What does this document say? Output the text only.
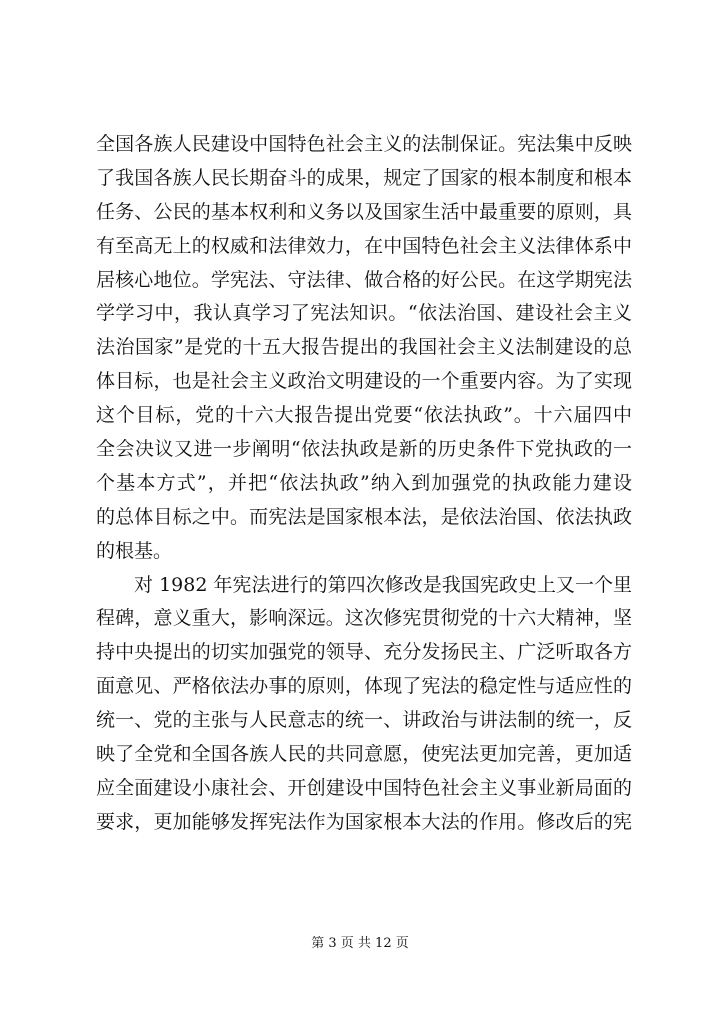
全国各族人民建设中国特色社会主义的法制保证。宪法集中反映
了我国各族人民长期奋斗的成果，规定了国家的根本制度和根本
任务、公民的基本权利和义务以及国家生活中最重要的原则，具
有至高无上的权威和法律效力，在中国特色社会主义法律体系中
居核心地位。学宪法、守法律、做合格的好公民。在这学期宪法
学学习中，我认真学习了宪法知识。“依法治国、建设社会主义
法治国家”是党的十五大报告提出的我国社会主义法制建设的总
体目标，也是社会主义政治文明建设的一个重要内容。为了实现
这个目标，党的十六大报告提出党要“依法执政”。十六届四中
全会决议又进一步阐明“依法执政是新的历史条件下党执政的一
个基本方式”，并把“依法执政”纳入到加强党的执政能力建设
的总体目标之中。而宪法是国家根本法，是依法治国、依法执政
的根基。
对 1982 年宪法进行的第四次修改是我国宪政史上又一个里
程碑，意义重大，影响深远。这次修宪贯彻党的十六大精神，坚
持中央提出的切实加强党的领导、充分发扬民主、广泛听取各方
面意见、严格依法办事的原则，体现了宪法的稳定性与适应性的
统一、党的主张与人民意志的统一、讲政治与讲法制的统一，反
映了全党和全国各族人民的共同意愿，使宪法更加完善，更加适
应全面建设小康社会、开创建设中国特色社会主义事业新局面的
要求，更加能够发挥宪法作为国家根本大法的作用。修改后的宪
第 3 页 共 12 页
